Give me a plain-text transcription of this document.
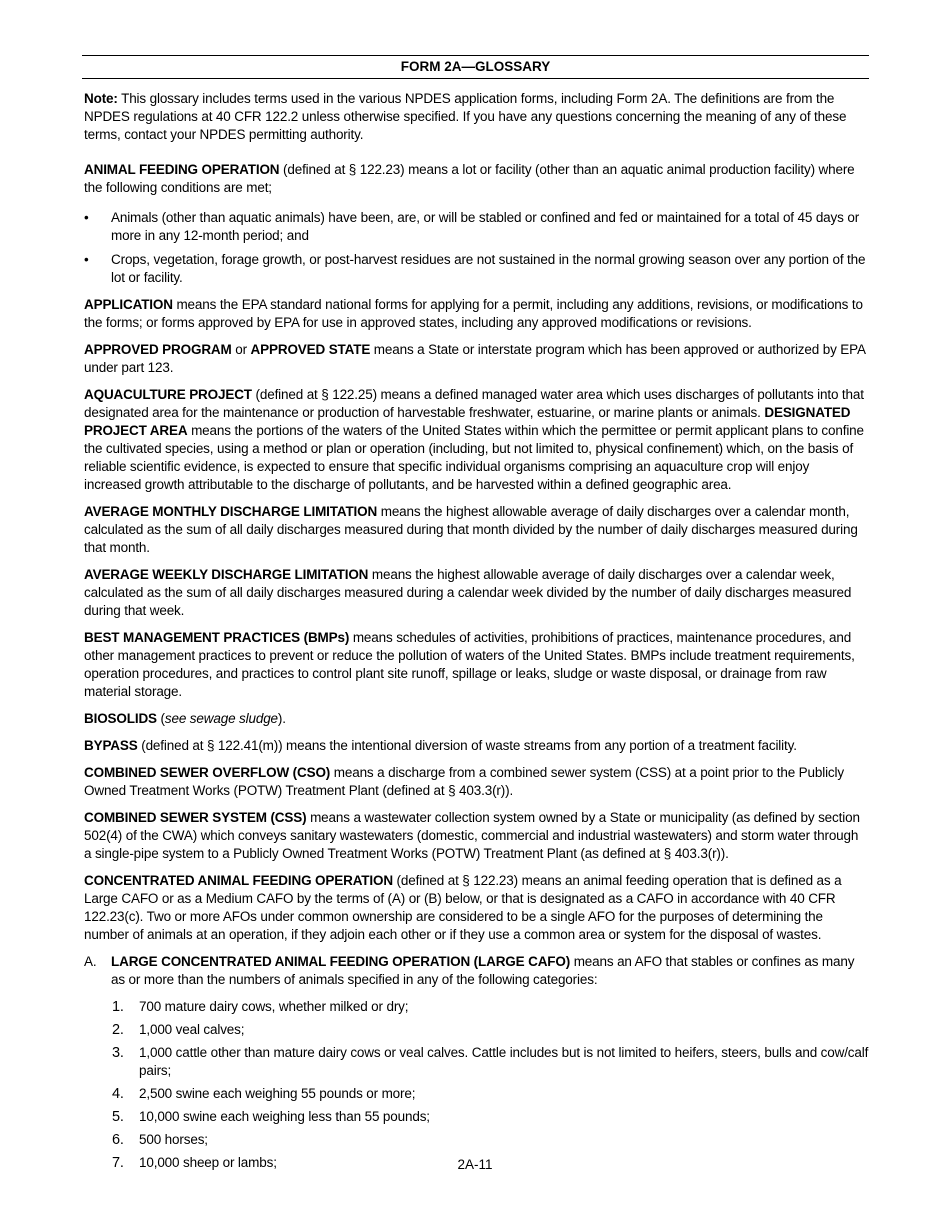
FORM 2A—GLOSSARY

Note: This glossary includes terms used in the various NPDES application forms, including Form 2A. The definitions are from the NPDES regulations at 40 CFR 122.2 unless otherwise specified. If you have any questions concerning the meaning of any of these terms, contact your NPDES permitting authority.

ANIMAL FEEDING OPERATION (defined at § 122.23) means a lot or facility (other than an aquatic animal production facility) where the following conditions are met;

• Animals (other than aquatic animals) have been, are, or will be stabled or confined and fed or maintained for a total of 45 days or more in any 12-month period; and
• Crops, vegetation, forage growth, or post-harvest residues are not sustained in the normal growing season over any portion of the lot or facility.

APPLICATION means the EPA standard national forms for applying for a permit, including any additions, revisions, or modifications to the forms; or forms approved by EPA for use in approved states, including any approved modifications or revisions.

APPROVED PROGRAM or APPROVED STATE means a State or interstate program which has been approved or authorized by EPA under part 123.

AQUACULTURE PROJECT (defined at § 122.25) means a defined managed water area which uses discharges of pollutants into that designated area for the maintenance or production of harvestable freshwater, estuarine, or marine plants or animals. DESIGNATED PROJECT AREA means the portions of the waters of the United States within which the permittee or permit applicant plans to confine the cultivated species, using a method or plan or operation (including, but not limited to, physical confinement) which, on the basis of reliable scientific evidence, is expected to ensure that specific individual organisms comprising an aquaculture crop will enjoy increased growth attributable to the discharge of pollutants, and be harvested within a defined geographic area.

AVERAGE MONTHLY DISCHARGE LIMITATION means the highest allowable average of daily discharges over a calendar month, calculated as the sum of all daily discharges measured during that month divided by the number of daily discharges measured during that month.

AVERAGE WEEKLY DISCHARGE LIMITATION means the highest allowable average of daily discharges over a calendar week, calculated as the sum of all daily discharges measured during a calendar week divided by the number of daily discharges measured during that week.

BEST MANAGEMENT PRACTICES (BMPs) means schedules of activities, prohibitions of practices, maintenance procedures, and other management practices to prevent or reduce the pollution of waters of the United States. BMPs include treatment requirements, operation procedures, and practices to control plant site runoff, spillage or leaks, sludge or waste disposal, or drainage from raw material storage.

BIOSOLIDS (see sewage sludge).

BYPASS (defined at § 122.41(m)) means the intentional diversion of waste streams from any portion of a treatment facility.

COMBINED SEWER OVERFLOW (CSO) means a discharge from a combined sewer system (CSS) at a point prior to the Publicly Owned Treatment Works (POTW) Treatment Plant (defined at § 403.3(r)).

COMBINED SEWER SYSTEM (CSS) means a wastewater collection system owned by a State or municipality (as defined by section 502(4) of the CWA) which conveys sanitary wastewaters (domestic, commercial and industrial wastewaters) and storm water through a single-pipe system to a Publicly Owned Treatment Works (POTW) Treatment Plant (as defined at § 403.3(r)).

CONCENTRATED ANIMAL FEEDING OPERATION (defined at § 122.23) means an animal feeding operation that is defined as a Large CAFO or as a Medium CAFO by the terms of (A) or (B) below, or that is designated as a CAFO in accordance with 40 CFR 122.23(c). Two or more AFOs under common ownership are considered to be a single AFO for the purposes of determining the number of animals at an operation, if they adjoin each other or if they use a common area or system for the disposal of wastes.

A. LARGE CONCENTRATED ANIMAL FEEDING OPERATION (LARGE CAFO) means an AFO that stables or confines as many as or more than the numbers of animals specified in any of the following categories:
1. 700 mature dairy cows, whether milked or dry;
2. 1,000 veal calves;
3. 1,000 cattle other than mature dairy cows or veal calves. Cattle includes but is not limited to heifers, steers, bulls and cow/calf pairs;
4. 2,500 swine each weighing 55 pounds or more;
5. 10,000 swine each weighing less than 55 pounds;
6. 500 horses;
7. 10,000 sheep or lambs;	2A-11
